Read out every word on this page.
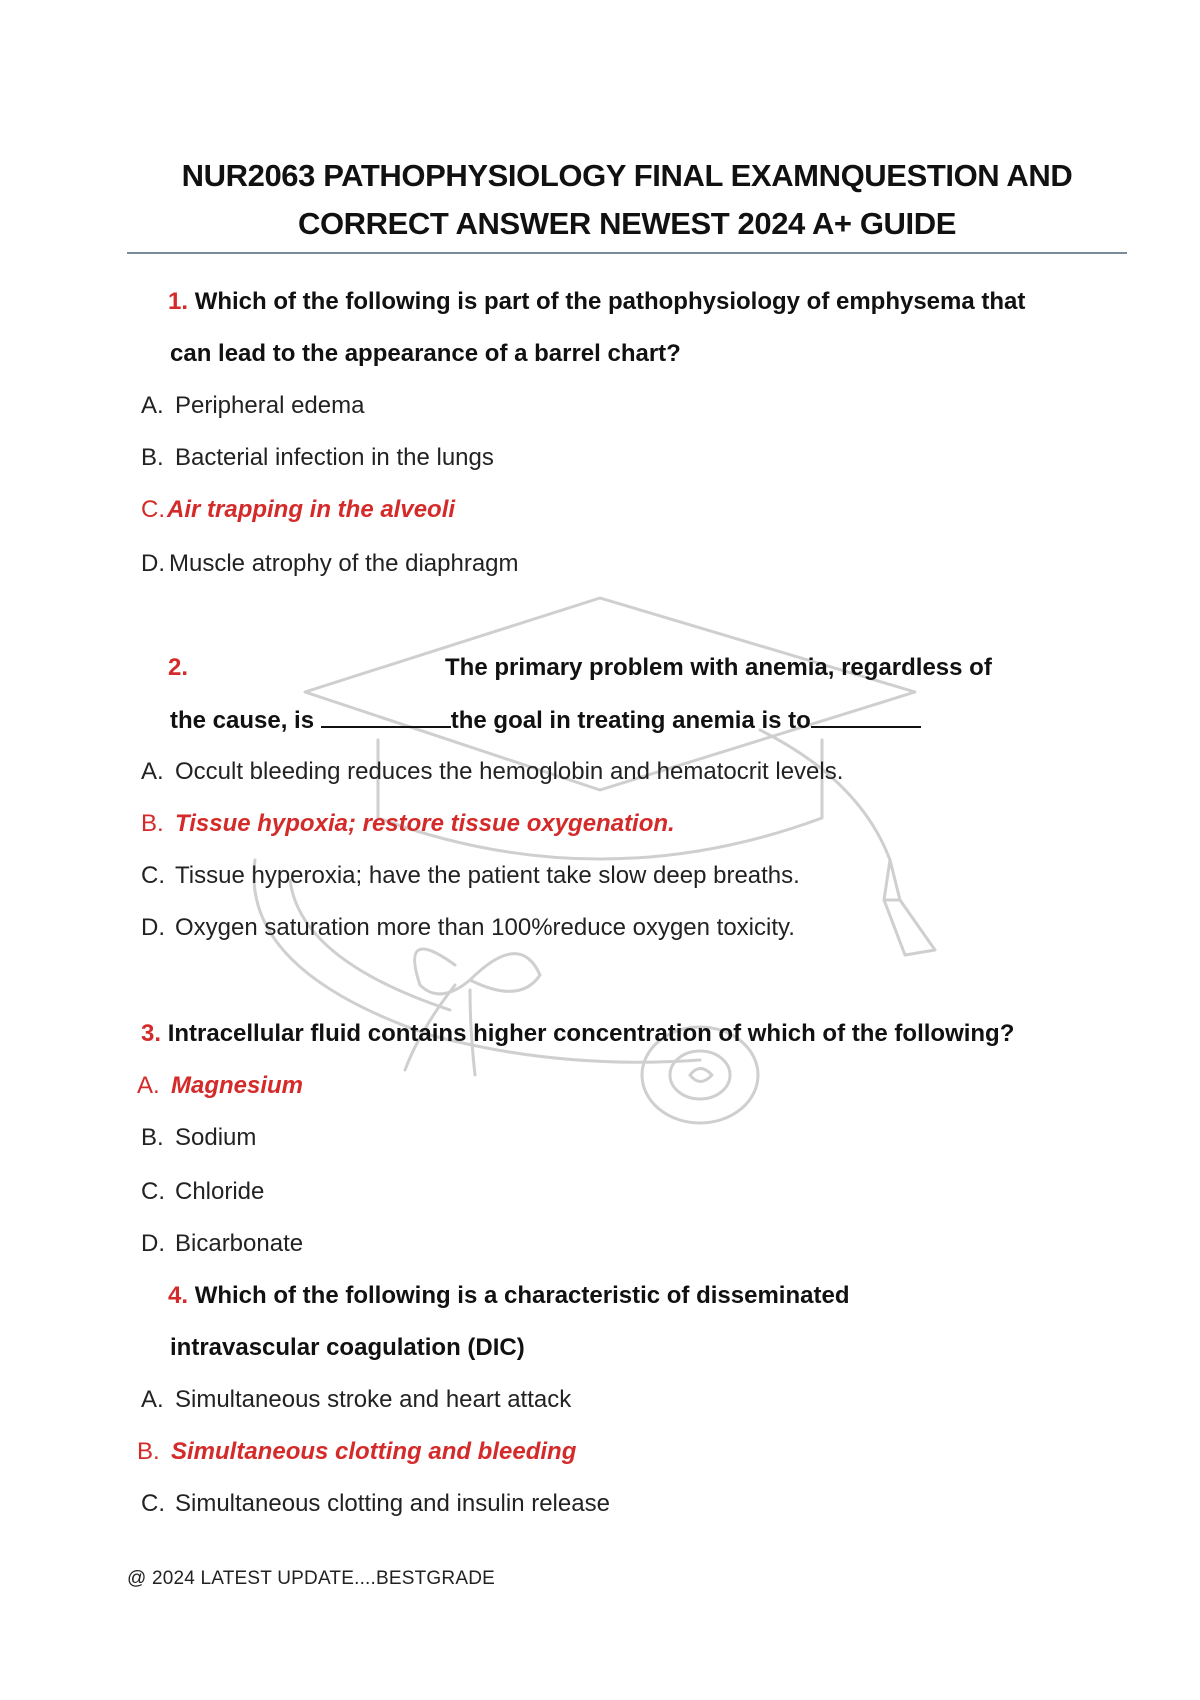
NUR2063 PATHOPHYSIOLOGY FINAL EXAMNQUESTION AND
CORRECT ANSWER NEWEST 2024 A+ GUIDE
1. Which of the following is part of the pathophysiology of emphysema that
can lead to the appearance of a barrel chart?
A. Peripheral edema
B. Bacterial infection in the lungs
C.Air trapping in the alveoli
D. Muscle atrophy of the diaphragm
2.	The primary problem with anemia, regardless of
the cause, is	the goal in treating anemia is to
A. Occult bleeding reduces the hemoglobin and hematocrit levels.
B. Tissue hypoxia; restore tissue oxygenation.
C. Tissue hyperoxia; have the patient take slow deep breaths.
D. Oxygen saturation more than 100%reduce oxygen toxicity.
3. Intracellular fluid contains higher concentration of which of the following?
A. Magnesium
B. Sodium
C. Chloride
D. Bicarbonate
4. Which of the following is a characteristic of disseminated
intravascular coagulation (DIC)
A. Simultaneous stroke and heart attack
B. Simultaneous clotting and bleeding
C. Simultaneous clotting and insulin release
@ 2024 LATEST UPDATE....BESTGRADE
